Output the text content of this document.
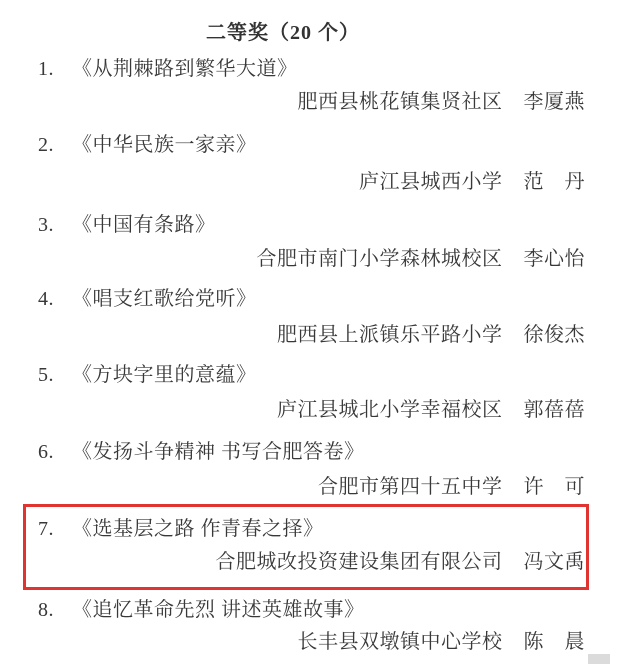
二等奖（20 个）
1. 《从荆棘路到繁华大道》
肥西县桃花镇集贤社区 李厦燕
2. 《中华民族一家亲》
庐江县城西小学 范　丹
3. 《中国有条路》
合肥市南门小学森林城校区 李心怡
4. 《唱支红歌给党听》
肥西县上派镇乐平路小学 徐俊杰
5. 《方块字里的意蕴》
庐江县城北小学幸福校区 郭蓓蓓
6. 《发扬斗争精神 书写合肥答卷》
合肥市第四十五中学 许　可
7. 《选基层之路 作青春之择》
合肥城改投资建设集团有限公司 冯文禹
8. 《追忆革命先烈 讲述英雄故事》
长丰县双墩镇中心学校 陈　晨
